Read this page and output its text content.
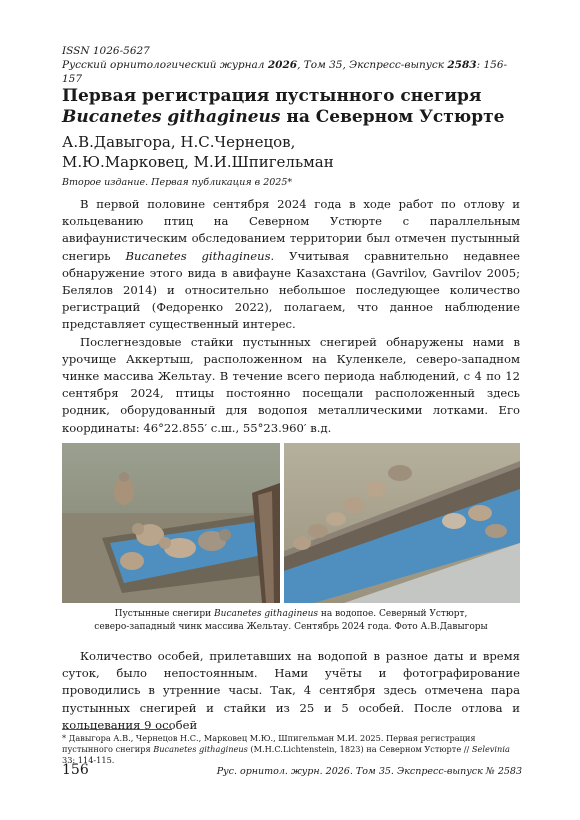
ISSN 1026-5627
Русский орнитологический журнал 2026, Том 35, Экспресс-выпуск 2583: 156-157
Первая регистрация пустынного снегиря
Bucanetes githagineus на Северном Устюрте
А.В.Давыгора, Н.С.Чернецов,
М.Ю.Марковец, М.И.Шпигельман
Второе издание. Первая публикация в 2025*

В первой половине сентября 2024 года в ходе работ по отлову и кольцеванию птиц на Северном Устюрте с параллельным авифаунистическим обследованием территории был отмечен пустынный снегирь Bucanetes githagineus. Учитывая сравнительно недавнее обнаружение этого вида в авифауне Казахстана (Gavrilov, Gavrilov 2005; Белялов 2014) и относительно небольшое последующее количество регистраций (Федоренко 2022), полагаем, что данное наблюдение представляет существенный интерес.

Послегнездовые стайки пустынных снегирей обнаружены нами в урочище Аккертыш, расположенном на Куленкеле, северо-западном чинке массива Жельтау. В течение всего периода наблюдений, с 4 по 12 сентября 2024, птицы постоянно посещали расположенный здесь родник, оборудованный для водопоя металлическими лотками. Его координаты: 46°22.855′ с.ш., 55°23.960′ в.д.

Пустынные снегири Bucanetes githagineus на водопое. Северный Устюрт,
северо-западный чинк массива Жельтау. Сентябрь 2024 года. Фото А.В.Давыгоры

Количество особей, прилетавших на водопой в разное даты и время суток, было непостоянным. Нами учёты и фотографирование проводились в утренние часы. Так, 4 сентября здесь отмечена пара пустынных снегирей и стайки из 25 и 5 особей. После отлова и кольцевания 9 особей

* Давыгора А.В., Чернецов Н.С., Марковец М.Ю., Шпигельман М.И. 2025. Первая регистрация пустынного снегиря Bucanetes githagineus (M.H.C.Lichtenstein, 1823) на Северном Устюрте // Selevinia 33: 114-115.
156	Рус. орнитол. журн. 2026. Том 35. Экспресс-выпуск № 2583
